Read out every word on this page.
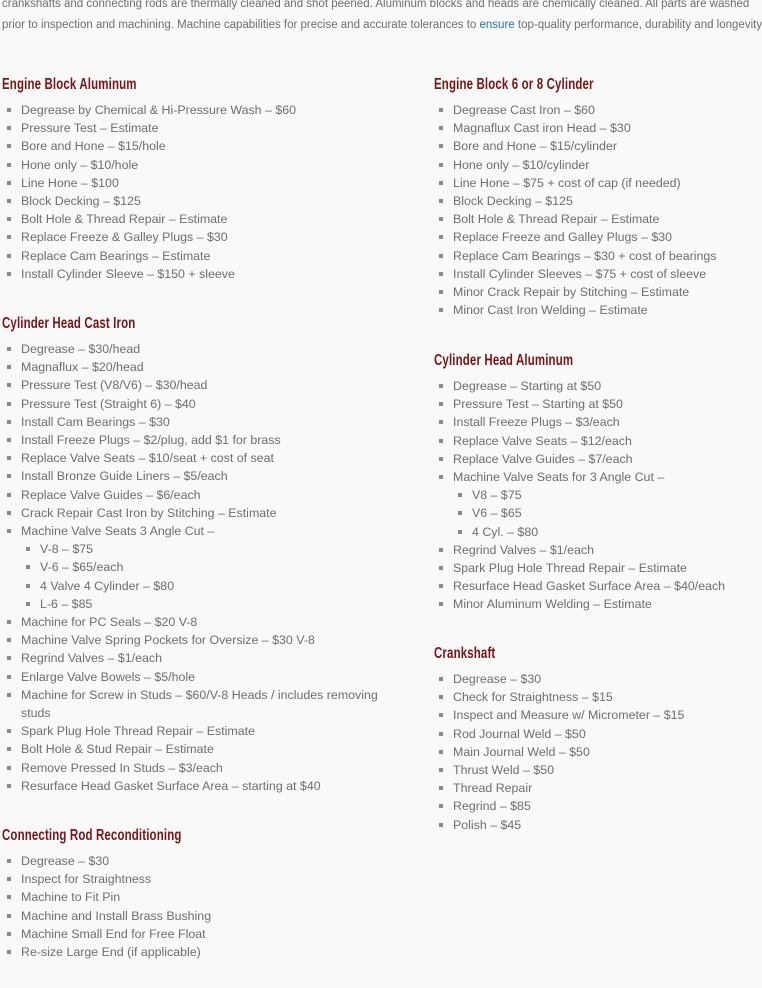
crankshafts and connecting rods are thermally cleaned and shot peened. Aluminum blocks and heads are chemically cleaned. All parts are washed
prior to inspection and machining. Machine capabilities for precise and accurate tolerances to ensure top-quality performance, durability and longevity
Engine Block Aluminum
Degrease by Chemical & Hi-Pressure Wash – $60
Pressure Test – Estimate
Bore and Hone – $15/hole
Hone only – $10/hole
Line Hone – $100
Block Decking – $125
Bolt Hole & Thread Repair – Estimate
Replace Freeze & Galley Plugs – $30
Replace Cam Bearings – Estimate
Install Cylinder Sleeve – $150 + sleeve
Cylinder Head Cast Iron
Degrease – $30/head
Magnaflux – $20/head
Pressure Test (V8/V6) – $30/head
Pressure Test (Straight 6) – $40
Install Cam Bearings – $30
Install Freeze Plugs – $2/plug, add $1 for brass
Replace Valve Seats – $10/seat + cost of seat
Install Bronze Guide Liners – $5/each
Replace Valve Guides – $6/each
Crack Repair Cast Iron by Stitching – Estimate
Machine Valve Seats 3 Angle Cut –
V-8 – $75
V-6 – $65/each
4 Valve 4 Cylinder – $80
L-6 – $85
Machine for PC Seals – $20 V-8
Machine Valve Spring Pockets for Oversize – $30 V-8
Regrind Valves – $1/each
Enlarge Valve Bowels – $5/hole
Machine for Screw in Studs – $60/V-8 Heads / includes removing studs
Spark Plug Hole Thread Repair – Estimate
Bolt Hole & Stud Repair – Estimate
Remove Pressed In Studs – $3/each
Resurface Head Gasket Surface Area – starting at $40
Connecting Rod Reconditioning
Degrease – $30
Inspect for Straightness
Machine to Fit Pin
Machine and Install Brass Bushing
Machine Small End for Free Float
Re-size Large End (if applicable)
Engine Block 6 or 8 Cylinder
Degrease Cast Iron – $60
Magnaflux Cast iron Head – $30
Bore and Hone – $15/cylinder
Hone only – $10/cylinder
Line Hone – $75 + cost of cap (if needed)
Block Decking – $125
Bolt Hole & Thread Repair – Estimate
Replace Freeze and Galley Plugs – $30
Replace Cam Bearings – $30 + cost of bearings
Install Cylinder Sleeves – $75 + cost of sleeve
Minor Crack Repair by Stitching – Estimate
Minor Cast Iron Welding – Estimate
Cylinder Head Aluminum
Degrease – Starting at $50
Pressure Test – Starting at $50
Install Freeze Plugs – $3/each
Replace Valve Seats – $12/each
Replace Valve Guides – $7/each
Machine Valve Seats for 3 Angle Cut –
V8 – $75
V6 – $65
4 Cyl. – $80
Regrind Valves – $1/each
Spark Plug Hole Thread Repair – Estimate
Resurface Head Gasket Surface Area – $40/each
Minor Aluminum Welding – Estimate
Crankshaft
Degrease – $30
Check for Straightness – $15
Inspect and Measure w/ Micrometer – $15
Rod Journal Weld – $50
Main Journal Weld – $50
Thrust Weld – $50
Thread Repair
Regrind – $85
Polish – $45
